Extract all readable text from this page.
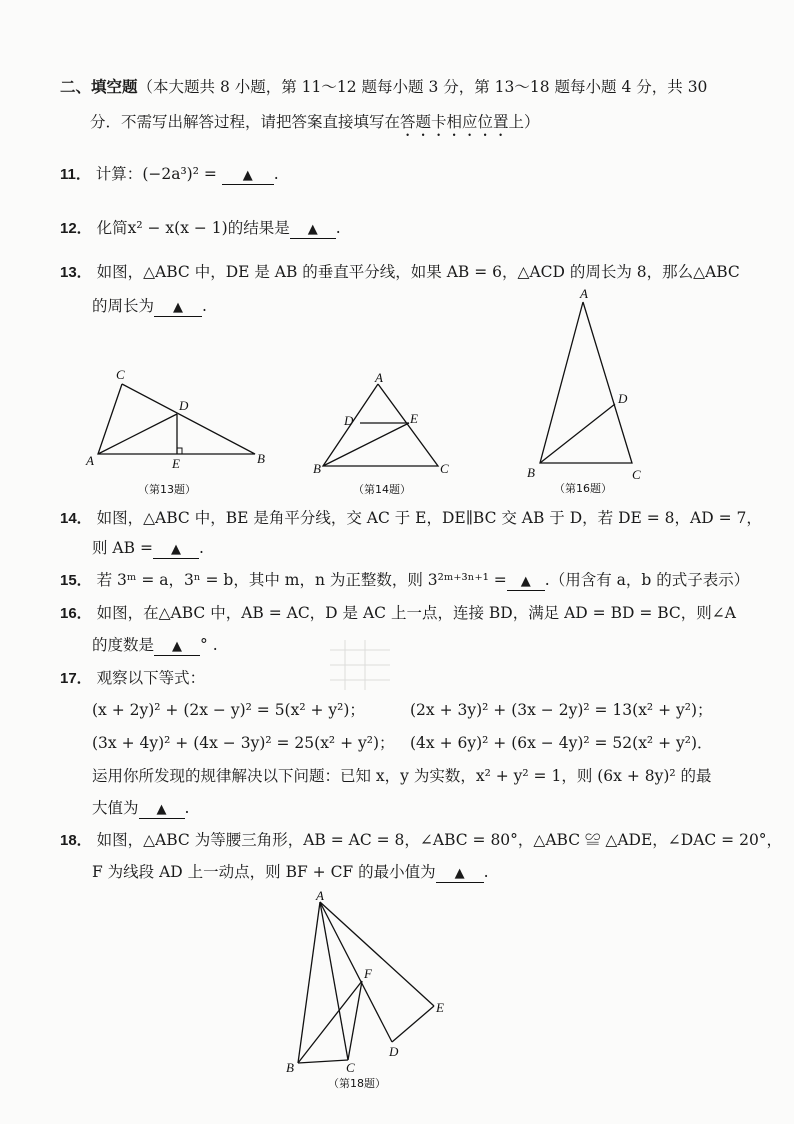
二、填空题（本大题共 8 小题，第 11～12 题每小题 3 分，第 13～18 题每小题 4 分，共 30
分．不需写出解答过程，请把答案直接填写在答题卡相应位置上）
11． 计算：(−2a³)² = ▲ .
12． 化简x² − x(x − 1)的结果是 ▲ .
13． 如图，△ABC 中，DE 是 AB 的垂直平分线，如果 AB = 6，△ACD 的周长为 8，那么△ABC
的周长为 ▲ .
C
D
A	E	B
（第13题）
A
D	E
B	C
（第14题）
A
D
B	C
（第16题）
14． 如图，△ABC 中，BE 是角平分线，交 AC 于 E，DE∥BC 交 AB 于 D，若 DE = 8，AD = 7，
则 AB = ▲ .
15． 若 3ᵐ = a，3ⁿ = b，其中 m，n 为正整数，则 3²ᵐ⁺³ⁿ⁺¹ = ▲ .（用含有 a，b 的式子表示）
16． 如图，在△ABC 中，AB = AC，D 是 AC 上一点，连接 BD，满足 AD = BD = BC，则∠A
的度数是 ▲ ° .
17． 观察以下等式：
(x + 2y)² + (2x − y)² = 5(x² + y²)；	(2x + 3y)² + (3x − 2y)² = 13(x² + y²)；
(3x + 4y)² + (4x − 3y)² = 25(x² + y²)； (4x + 6y)² + (6x − 4y)² = 52(x² + y²)．
运用你所发现的规律解决以下问题：已知 x，y 为实数，x² + y² = 1，则 (6x + 8y)² 的最
大值为 ▲ .
18． 如图，△ABC 为等腰三角形，AB = AC = 8，∠ABC = 80°，△ABC ≌ △ADE，∠DAC = 20°，
F 为线段 AD 上一动点，则 BF + CF 的最小值为 ▲ .
A
F
E
D
B	C
（第18题）
